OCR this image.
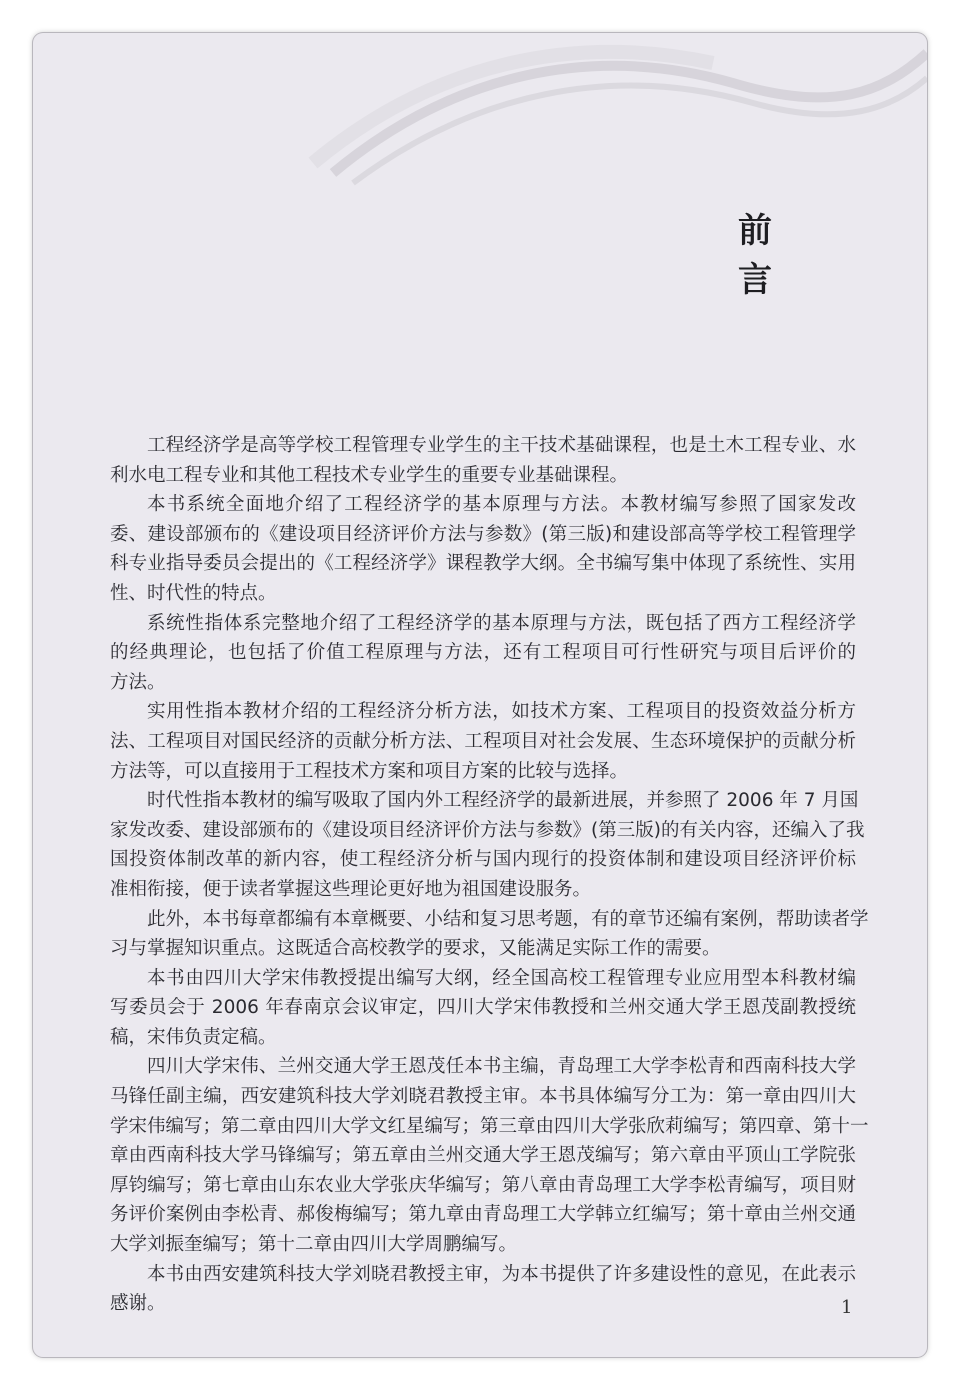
前 言
工程经济学是高等学校工程管理专业学生的主干技术基础课程，也是土木工程专业、水
利水电工程专业和其他工程技术专业学生的重要专业基础课程。
本书系统全面地介绍了工程经济学的基本原理与方法。本教材编写参照了国家发改
委、建设部颁布的《建设项目经济评价方法与参数》(第三版)和建设部高等学校工程管理学
科专业指导委员会提出的《工程经济学》课程教学大纲。全书编写集中体现了系统性、实用
性、时代性的特点。
系统性指体系完整地介绍了工程经济学的基本原理与方法，既包括了西方工程经济学
的经典理论，也包括了价值工程原理与方法，还有工程项目可行性研究与项目后评价的
方法。
实用性指本教材介绍的工程经济分析方法，如技术方案、工程项目的投资效益分析方
法、工程项目对国民经济的贡献分析方法、工程项目对社会发展、生态环境保护的贡献分析
方法等，可以直接用于工程技术方案和项目方案的比较与选择。
时代性指本教材的编写吸取了国内外工程经济学的最新进展，并参照了 2006 年 7 月国
家发改委、建设部颁布的《建设项目经济评价方法与参数》(第三版)的有关内容，还编入了我
国投资体制改革的新内容，使工程经济分析与国内现行的投资体制和建设项目经济评价标
准相衔接，便于读者掌握这些理论更好地为祖国建设服务。
此外，本书每章都编有本章概要、小结和复习思考题，有的章节还编有案例，帮助读者学
习与掌握知识重点。这既适合高校教学的要求，又能满足实际工作的需要。
本书由四川大学宋伟教授提出编写大纲，经全国高校工程管理专业应用型本科教材编
写委员会于 2006 年春南京会议审定，四川大学宋伟教授和兰州交通大学王恩茂副教授统
稿，宋伟负责定稿。
四川大学宋伟、兰州交通大学王恩茂任本书主编，青岛理工大学李松青和西南科技大学
马锋任副主编，西安建筑科技大学刘晓君教授主审。本书具体编写分工为：第一章由四川大
学宋伟编写；第二章由四川大学文红星编写；第三章由四川大学张欣莉编写；第四章、第十一
章由西南科技大学马锋编写；第五章由兰州交通大学王恩茂编写；第六章由平顶山工学院张
厚钧编写；第七章由山东农业大学张庆华编写；第八章由青岛理工大学李松青编写，项目财
务评价案例由李松青、郝俊梅编写；第九章由青岛理工大学韩立红编写；第十章由兰州交通
大学刘振奎编写；第十二章由四川大学周鹏编写。
本书由西安建筑科技大学刘晓君教授主审，为本书提供了许多建设性的意见，在此表示
感谢。	1
